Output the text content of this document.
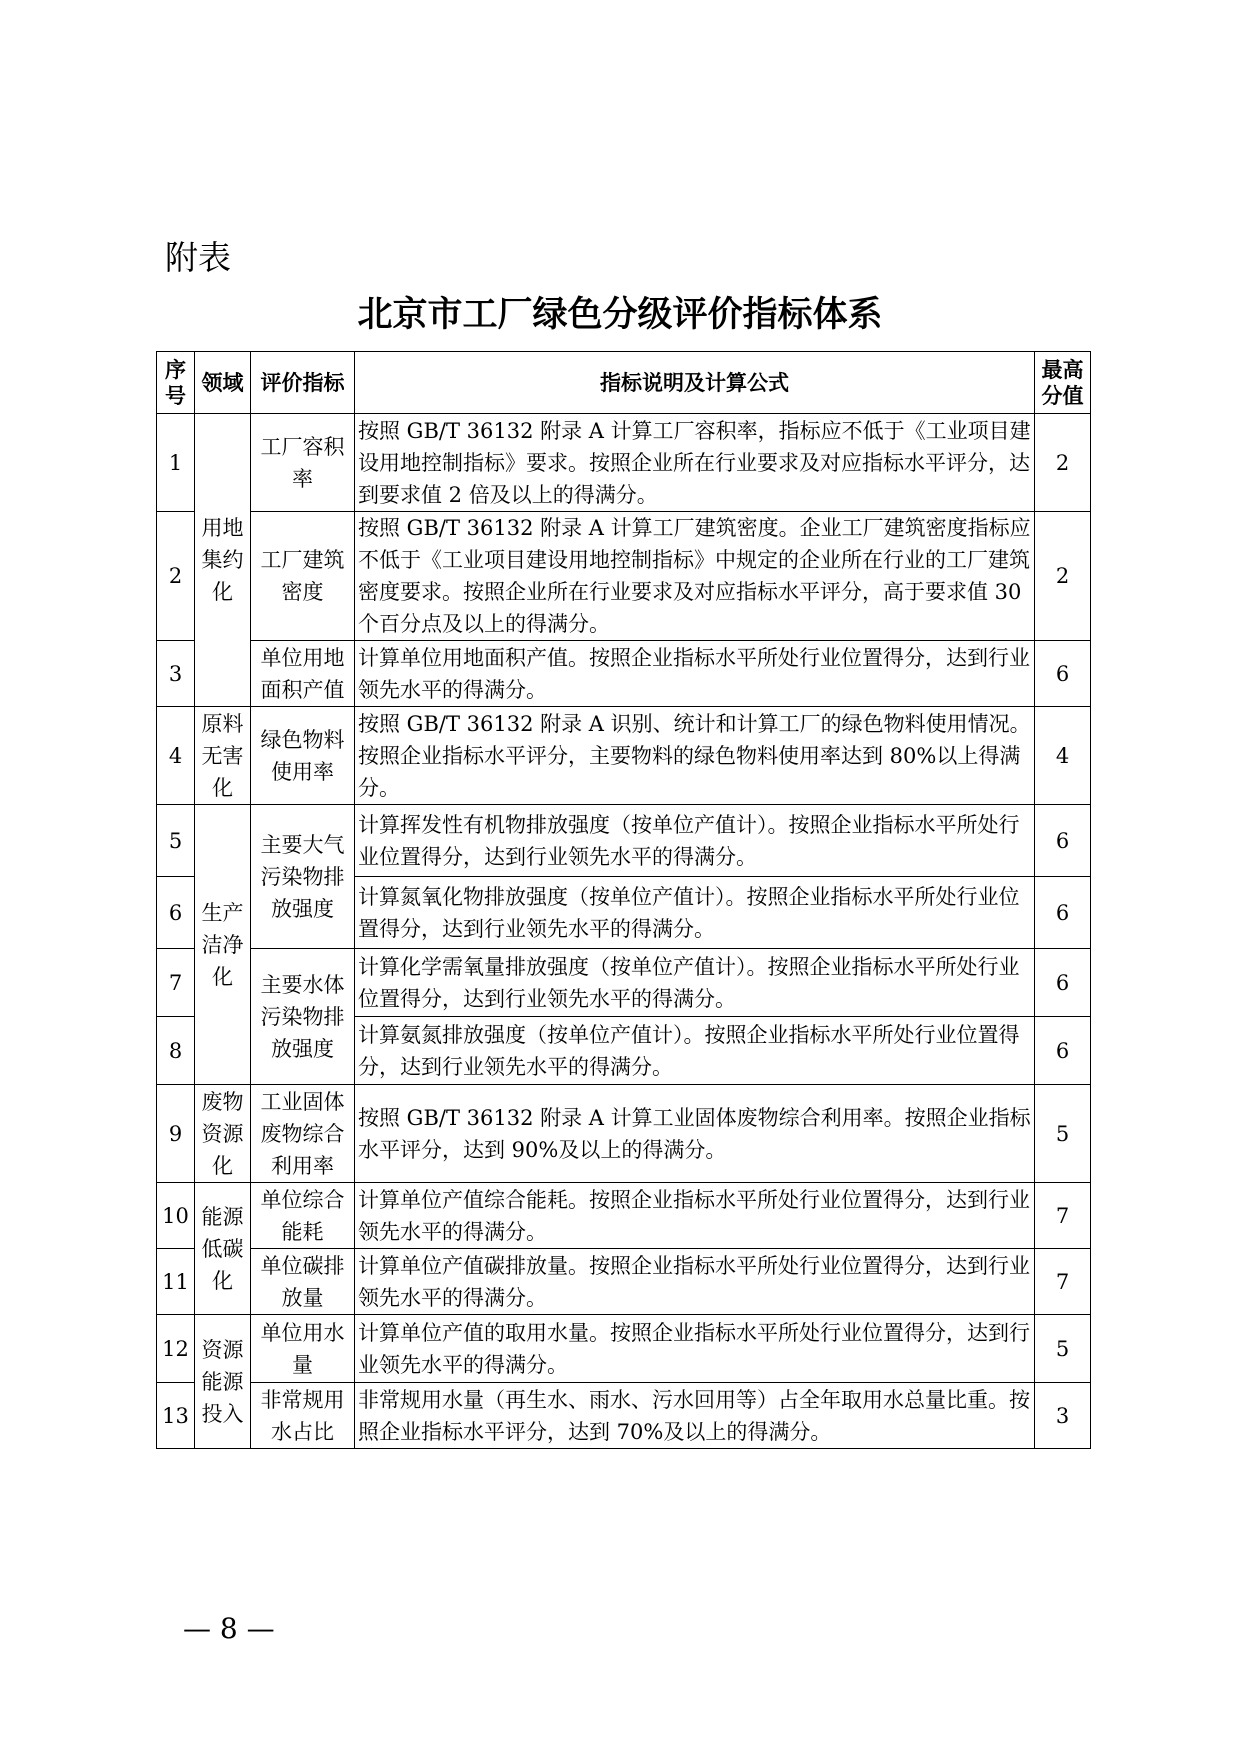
附表
北京市工厂绿色分级评价指标体系
序号	领域	评价指标	指标说明及计算公式	最高分值
1	用地集约化	工厂容积率	按照 GB/T 36132 附录 A 计算工厂容积率，指标应不低于《工业项目建设用地控制指标》要求。按照企业所在行业要求及对应指标水平评分，达到要求值 2 倍及以上的得满分。	2
2		工厂建筑密度	按照 GB/T 36132 附录 A 计算工厂建筑密度。企业工厂建筑密度指标应不低于《工业项目建设用地控制指标》中规定的企业所在行业的工厂建筑密度要求。按照企业所在行业要求及对应指标水平评分，高于要求值 30 个百分点及以上的得满分。	2
3		单位用地面积产值	计算单位用地面积产值。按照企业指标水平所处行业位置得分，达到行业领先水平的得满分。	6
4	原料无害化	绿色物料使用率	按照 GB/T 36132 附录 A 识别、统计和计算工厂的绿色物料使用情况。按照企业指标水平评分，主要物料的绿色物料使用率达到 80%以上得满分。	4
5	生产洁净化	主要大气污染物排放强度	计算挥发性有机物排放强度（按单位产值计）。按照企业指标水平所处行业位置得分，达到行业领先水平的得满分。	6
6			计算氮氧化物排放强度（按单位产值计）。按照企业指标水平所处行业位置得分，达到行业领先水平的得满分。	6
7		主要水体污染物排放强度	计算化学需氧量排放强度（按单位产值计）。按照企业指标水平所处行业位置得分，达到行业领先水平的得满分。	6
8			计算氨氮排放强度（按单位产值计）。按照企业指标水平所处行业位置得分，达到行业领先水平的得满分。	6
9	废物资源化	工业固体废物综合利用率	按照 GB/T 36132 附录 A 计算工业固体废物综合利用率。按照企业指标水平评分，达到 90%及以上的得满分。	5
10	能源低碳化	单位综合能耗	计算单位产值综合能耗。按照企业指标水平所处行业位置得分，达到行业领先水平的得满分。	7
11		单位碳排放量	计算单位产值碳排放量。按照企业指标水平所处行业位置得分，达到行业领先水平的得满分。	7
12	资源能源投入	单位用水量	计算单位产值的取用水量。按照企业指标水平所处行业位置得分，达到行业领先水平的得满分。	5
13		非常规用水占比	非常规用水量（再生水、雨水、污水回用等）占全年取用水总量比重。按照企业指标水平评分，达到 70%及以上的得满分。	3
— 8 —
